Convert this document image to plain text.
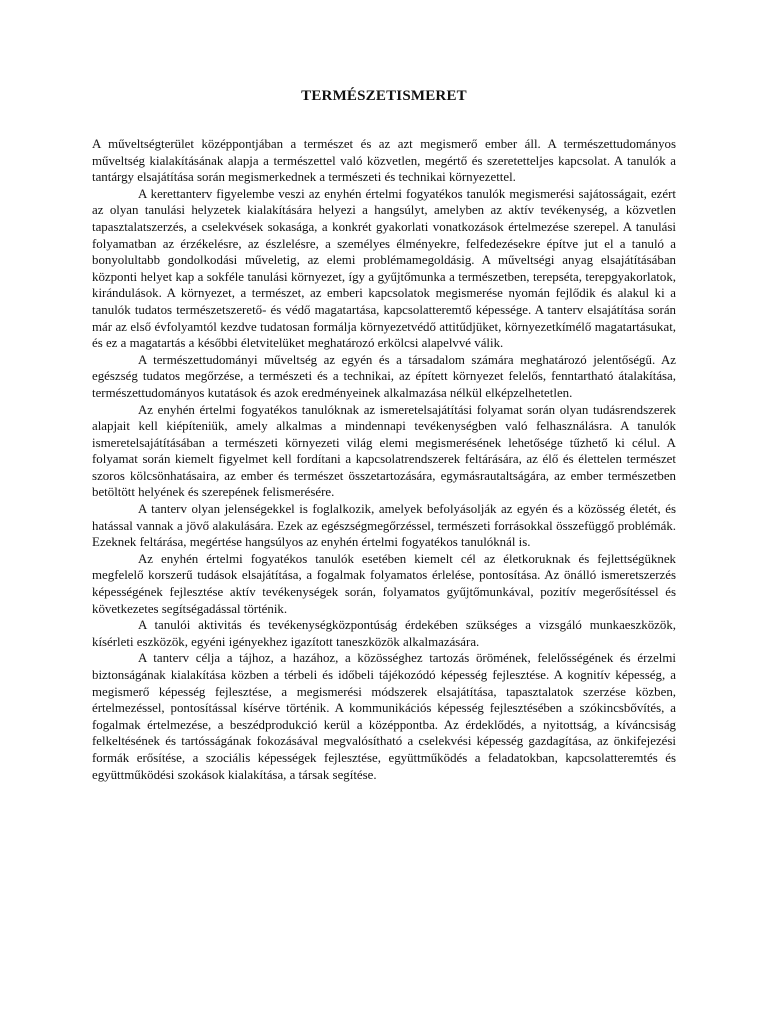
TERMÉSZETISMERET

A műveltségterület középpontjában a természet és az azt megismerő ember áll. A természettudományos műveltség kialakításának alapja a természettel való közvetlen, megértő és szeretetteljes kapcsolat. A tanulók a tantárgy elsajátítása során megismerkednek a természeti és technikai környezettel.

A kerettanterv figyelembe veszi az enyhén értelmi fogyatékos tanulók megismerési sajátosságait, ezért az olyan tanulási helyzetek kialakítására helyezi a hangsúlyt, amelyben az aktív tevékenység, a közvetlen tapasztalatszerzés, a cselekvések sokasága, a konkrét gyakorlati vonatkozások értelmezése szerepel. A tanulási folyamatban az érzékelésre, az észlelésre, a személyes élményekre, felfedezésekre építve jut el a tanuló a bonyolultabb gondolkodási műveletig, az elemi problémamegoldásig. A műveltségi anyag elsajátításában központi helyet kap a sokféle tanulási környezet, így a gyűjtőmunka a természetben, terepséta, terepgyakorlatok, kirándulások. A környezet, a természet, az emberi kapcsolatok megismerése nyomán fejlődik és alakul ki a tanulók tudatos természetszerető- és védő magatartása, kapcsolatteremtő képessége. A tanterv elsajátítása során már az első évfolyamtól kezdve tudatosan formálja környezetvédő attitűdjüket, környezetkímélő magatartásukat, és ez a magatartás a későbbi életvitelüket meghatározó erkölcsi alapelvvé válik.

A természettudományi műveltség az egyén és a társadalom számára meghatározó jelentőségű. Az egészség tudatos megőrzése, a természeti és a technikai, az épített környezet felelős, fenntartható átalakítása, természettudományos kutatások és azok eredményeinek alkalmazása nélkül elképzelhetetlen.

Az enyhén értelmi fogyatékos tanulóknak az ismeretelsajátítási folyamat során olyan tudásrendszerek alapjait kell kiépíteniük, amely alkalmas a mindennapi tevékenységben való felhasználásra. A tanulók ismeretelsajátításában a természeti környezeti világ elemi megismerésének lehetősége tűzhető ki célul. A folyamat során kiemelt figyelmet kell fordítani a kapcsolatrendszerek feltárására, az élő és élettelen természet szoros kölcsönhatásaira, az ember és természet összetartozására, egymásrautaltságára, az ember természetben betöltött helyének és szerepének felismerésére.

A tanterv olyan jelenségekkel is foglalkozik, amelyek befolyásolják az egyén és a közösség életét, és hatással vannak a jövő alakulására. Ezek az egészségmegőrzéssel, természeti forrásokkal összefüggő problémák. Ezeknek feltárása, megértése hangsúlyos az enyhén értelmi fogyatékos tanulóknál is.

Az enyhén értelmi fogyatékos tanulók esetében kiemelt cél az életkoruknak és fejlettségüknek megfelelő korszerű tudások elsajátítása, a fogalmak folyamatos érlelése, pontosítása. Az önálló ismeretszerzés képességének fejlesztése aktív tevékenységek során, folyamatos gyűjtőmunkával, pozitív megerősítéssel és következetes segítségadással történik.

A tanulói aktivitás és tevékenységközpontúság érdekében szükséges a vizsgáló munkaeszközök, kísérleti eszközök, egyéni igényekhez igazított taneszközök alkalmazására.

A tanterv célja a tájhoz, a hazához, a közösséghez tartozás örömének, felelősségének és érzelmi biztonságának kialakítása közben a térbeli és időbeli tájékozódó képesség fejlesztése. A kognitív képesség, a megismerő képesség fejlesztése, a megismerési módszerek elsajátítása, tapasztalatok szerzése közben, értelmezéssel, pontosítással kísérve történik. A kommunikációs képesség fejlesztésében a szókincsbővítés, a fogalmak értelmezése, a beszédprodukció kerül a középpontba. Az érdeklődés, a nyitottság, a kíváncsiság felkeltésének és tartósságának fokozásával megvalósítható a cselekvési képesség gazdagítása, az önkifejezési formák erősítése, a szociális képességek fejlesztése, együttműködés a feladatokban, kapcsolatteremtés és együttműködési szokások kialakítása, a társak segítése.
